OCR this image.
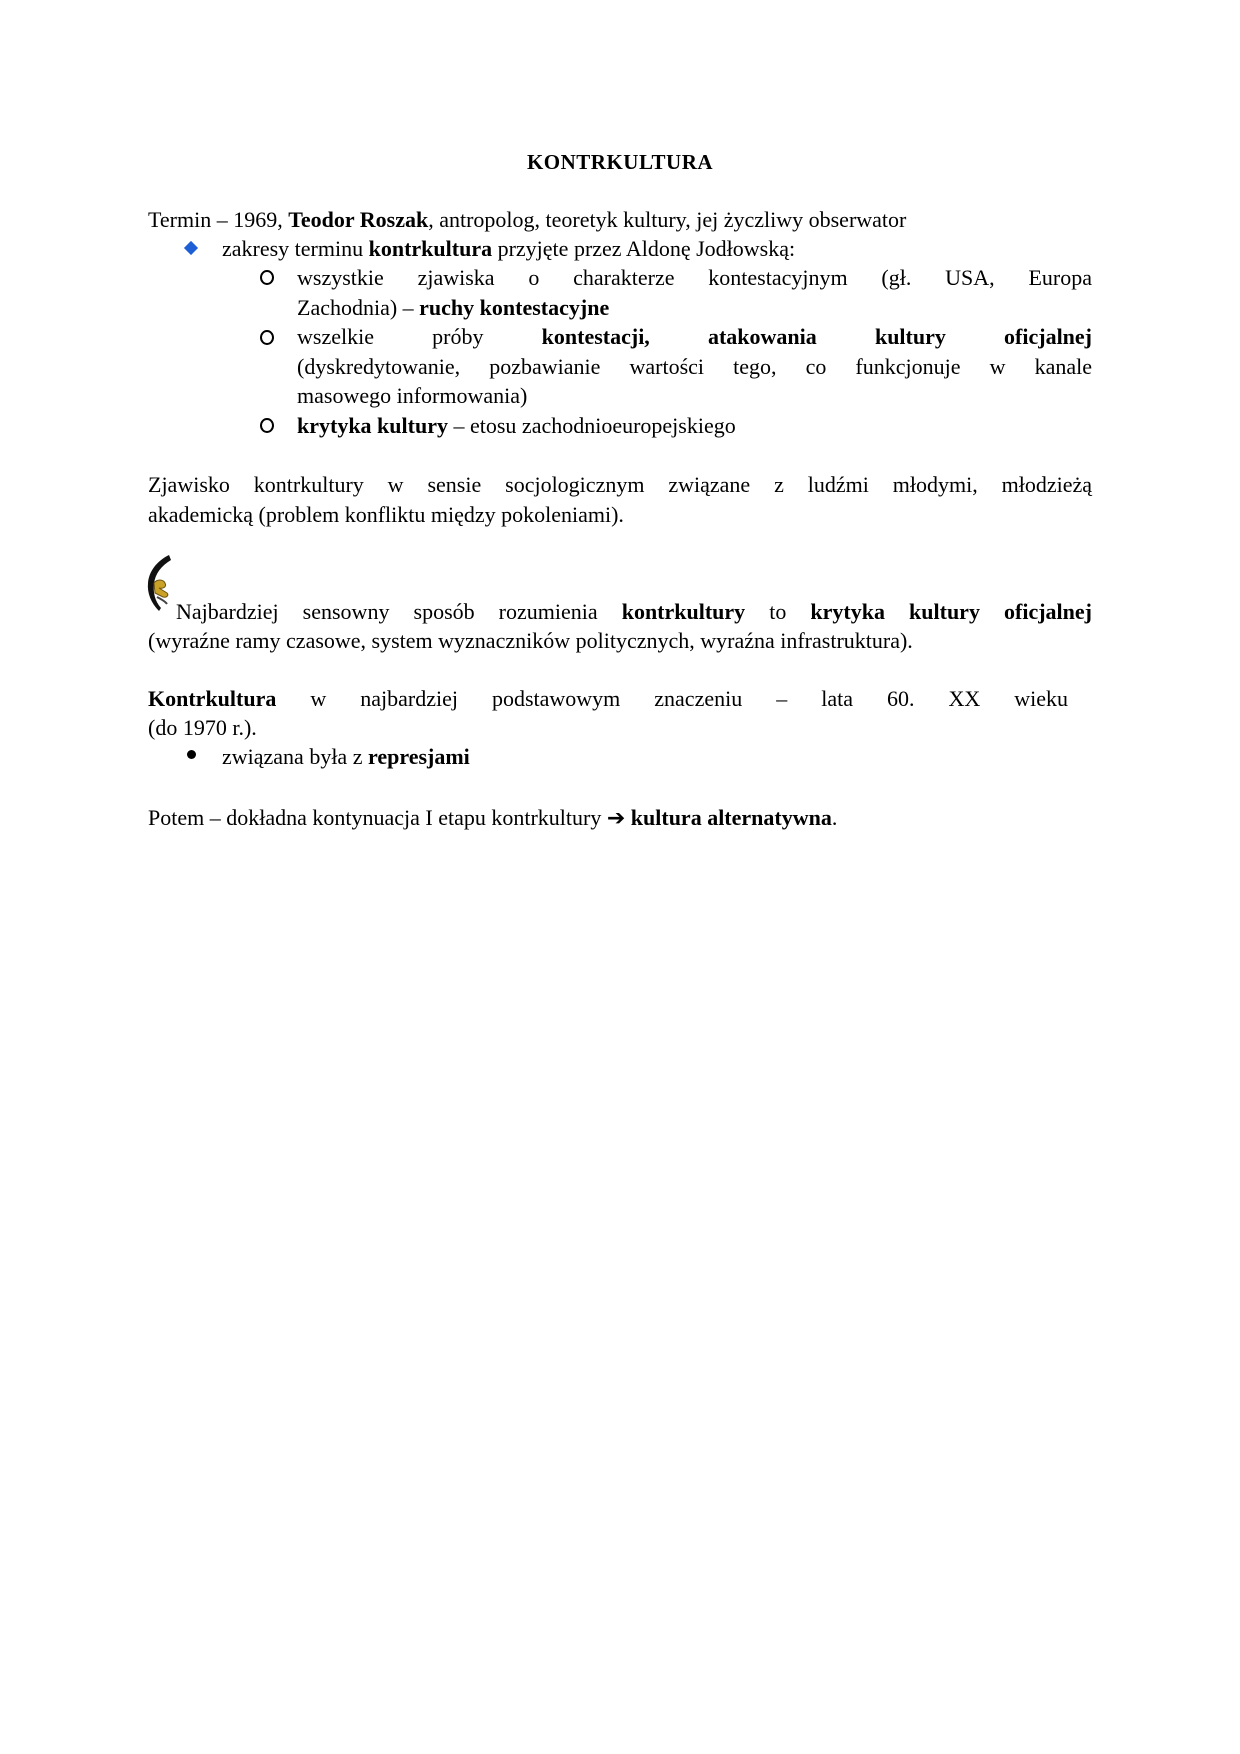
KONTRKULTURA
Termin – 1969, Teodor Roszak, antropolog, teoretyk kultury, jej życzliwy obserwator
zakresy terminu kontrkultura przyjęte przez Aldonę Jodłowską:
wszystkie zjawiska o charakterze kontestacyjnym (gł. USA, Europa
Zachodnia) – ruchy kontestacyjne
wszelkie próby kontestacji, atakowania kultury oficjalnej
(dyskredytowanie, pozbawianie wartości tego, co funkcjonuje w kanale
masowego informowania)
krytyka kultury – etosu zachodnioeuropejskiego
Zjawisko kontrkultury w sensie socjologicznym związane z ludźmi młodymi, młodzieżą
akademicką (problem konfliktu między pokoleniami).
Najbardziej sensowny sposób rozumienia kontrkultury to krytyka kultury oficjalnej
(wyraźne ramy czasowe, system wyznaczników politycznych, wyraźna infrastruktura).
Kontrkultura w najbardziej podstawowym znaczeniu – lata 60. XX wieku
(do 1970 r.).
związana była z represjami
Potem – dokładna kontynuacja I etapu kontrkultury ➔ kultura alternatywna.
